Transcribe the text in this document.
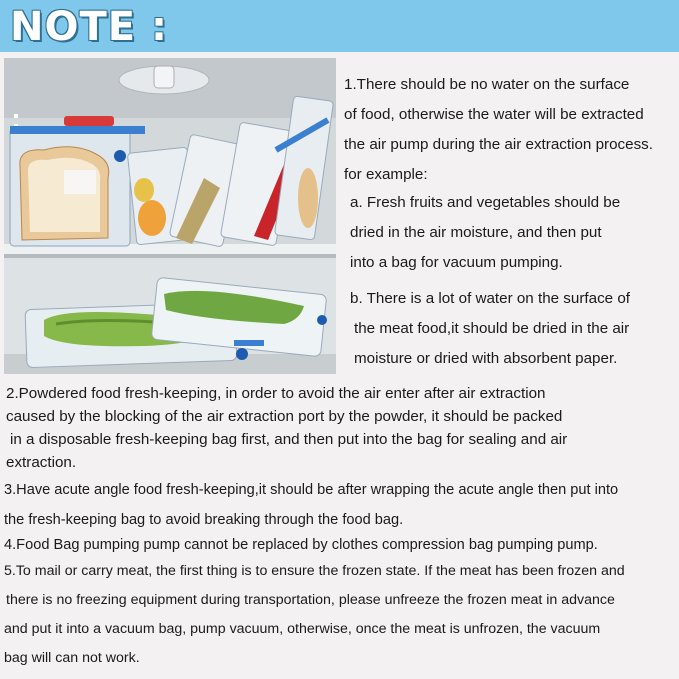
NOTE :
1.There should be no water on the surface
of food, otherwise the water will be extracted
the air pump during the air extraction process.
for example:
a. Fresh fruits and vegetables should be
dried in the air moisture, and then put
into a bag for vacuum pumping.
b. There is a lot of water on the surface of
the meat food,it should be dried in the air
moisture or dried with absorbent paper.
2.Powdered food fresh-keeping, in order to avoid the air enter after air extraction
caused by the blocking of the air extraction port by the powder, it should be packed
in a disposable fresh-keeping bag first, and then put into the bag for sealing and air
extraction.
3.Have acute angle food fresh-keeping,it should be after wrapping the acute angle then put into
the fresh-keeping bag to avoid breaking through the food bag.
4.Food Bag pumping pump cannot be replaced by clothes compression bag pumping pump.
5.To mail or carry meat, the first thing is to ensure the frozen state. If the meat has been frozen and
there is no freezing equipment during transportation, please unfreeze the frozen meat in advance
and put it into a vacuum bag, pump vacuum, otherwise, once the meat is unfrozen, the vacuum
bag will can not work.
